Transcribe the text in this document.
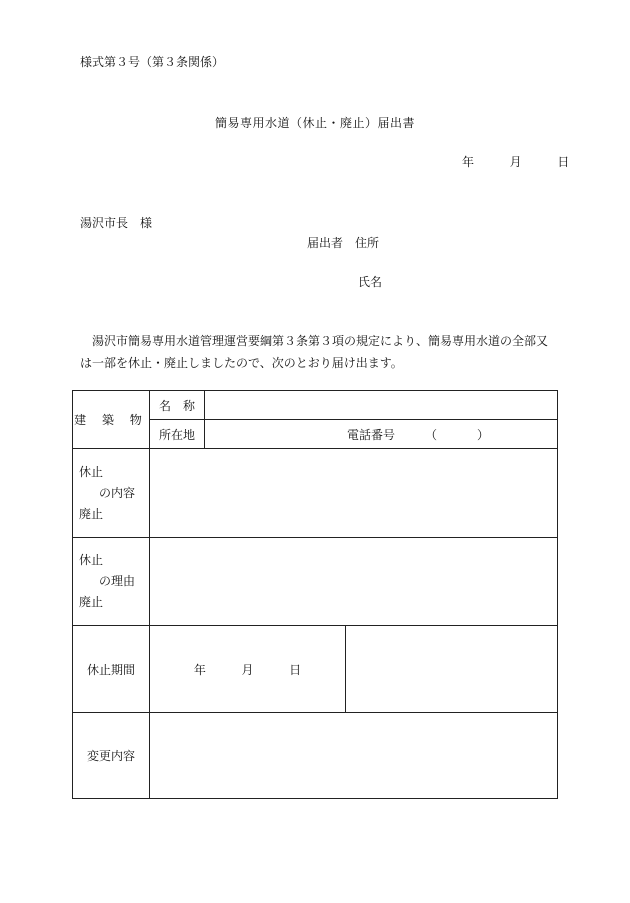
様式第３号（第３条関係）
簡易専用水道（休止・廃止）届出書
年	月	日
湯沢市長　様
届出者　住所
氏名
湯沢市簡易専用水道管理運営要綱第３条第３項の規定により、簡易専用水道の全部又は一部を休止・廃止しましたので、次のとおり届け出ます。
建 築 物	名　称		
	所在地	電話番号 （　）	

休止
の内容
廃止			

休止
の理由
廃止			

休止期間	年 月 日		
変更内容			
